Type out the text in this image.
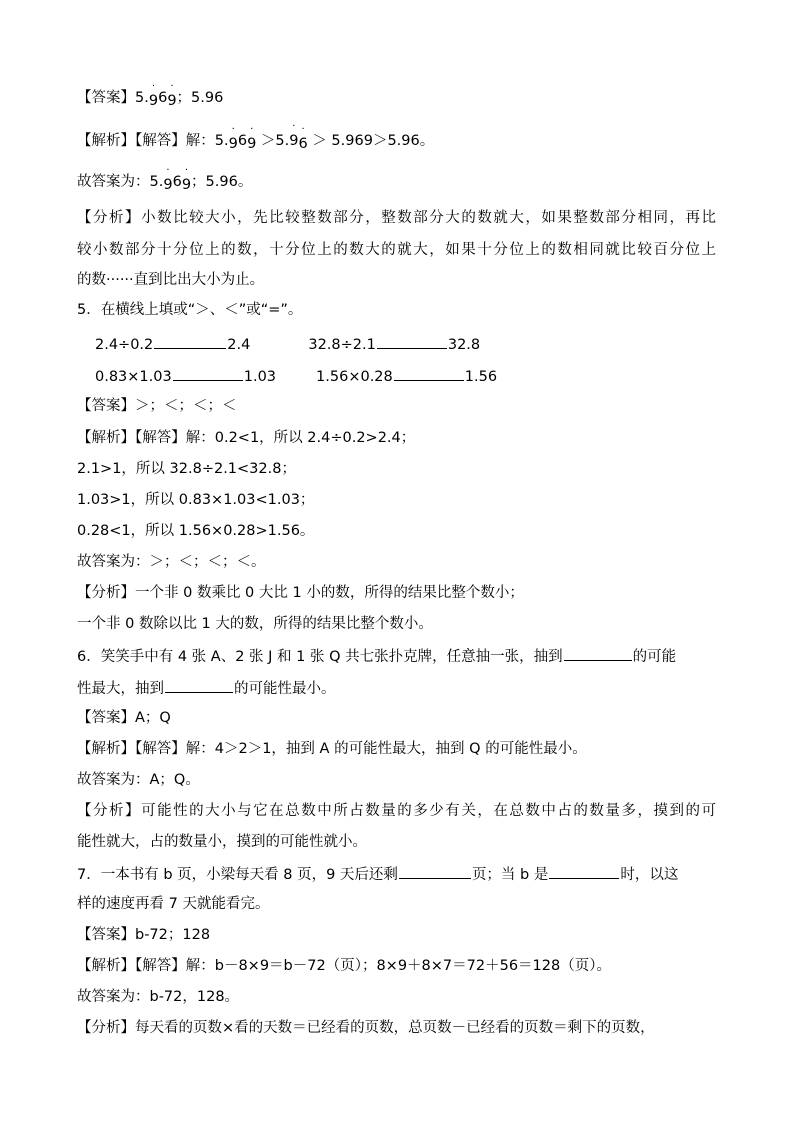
【答案】5.
·
96
·
9；5.96
【解析】【解答】解：5.
·
96
·
9 ＞5.
·
9
·
6 ＞ 5.969＞5.96。
故答案为：5.
·
96
·
9；5.96。
【分析】小数比较大小，先比较整数部分，整数部分大的数就大，如果整数部分相同，再比
较小数部分十分位上的数，十分位上的数大的就大，如果十分位上的数相同就比较百分位上
的数······直到比出大小为止。
5．在横线上填或“＞、＜”或“=”。
2.4÷0.2	2.4	32.8÷2.1	32.8
0.83×1.03	1.03	1.56×0.28	1.56
【答案】＞；＜；＜；＜
【解析】【解答】解：0.2<1，所以 2.4÷0.2>2.4；
2.1>1，所以 32.8÷2.1<32.8；
1.03>1，所以 0.83×1.03<1.03；
0.28<1，所以 1.56×0.28>1.56。
故答案为：＞；＜；＜；＜。
【分析】一个非 0 数乘比 0 大比 1 小的数，所得的结果比整个数小；
一个非 0 数除以比 1 大的数，所得的结果比整个数小。
6．笑笑手中有 4 张 A、2 张 J 和 1 张 Q 共七张扑克牌，任意抽一张，抽到	的可能
性最大，抽到	的可能性最小。
【答案】A；Q
【解析】【解答】解：4＞2＞1，抽到 A 的可能性最大，抽到 Q 的可能性最小。
故答案为：A；Q。
【分析】可能性的大小与它在总数中所占数量的多少有关，在总数中占的数量多，摸到的可
能性就大，占的数量小，摸到的可能性就小。
7．一本书有 b 页，小梁每天看 8 页，9 天后还剩	页；当 b 是	时，以这
样的速度再看 7 天就能看完。
【答案】b-72；128
【解析】【解答】解：b－8×9＝b－72（页）；8×9＋8×7＝72＋56＝128（页）。
故答案为：b-72，128。
【分析】每天看的页数×看的天数＝已经看的页数，总页数－已经看的页数＝剩下的页数，
